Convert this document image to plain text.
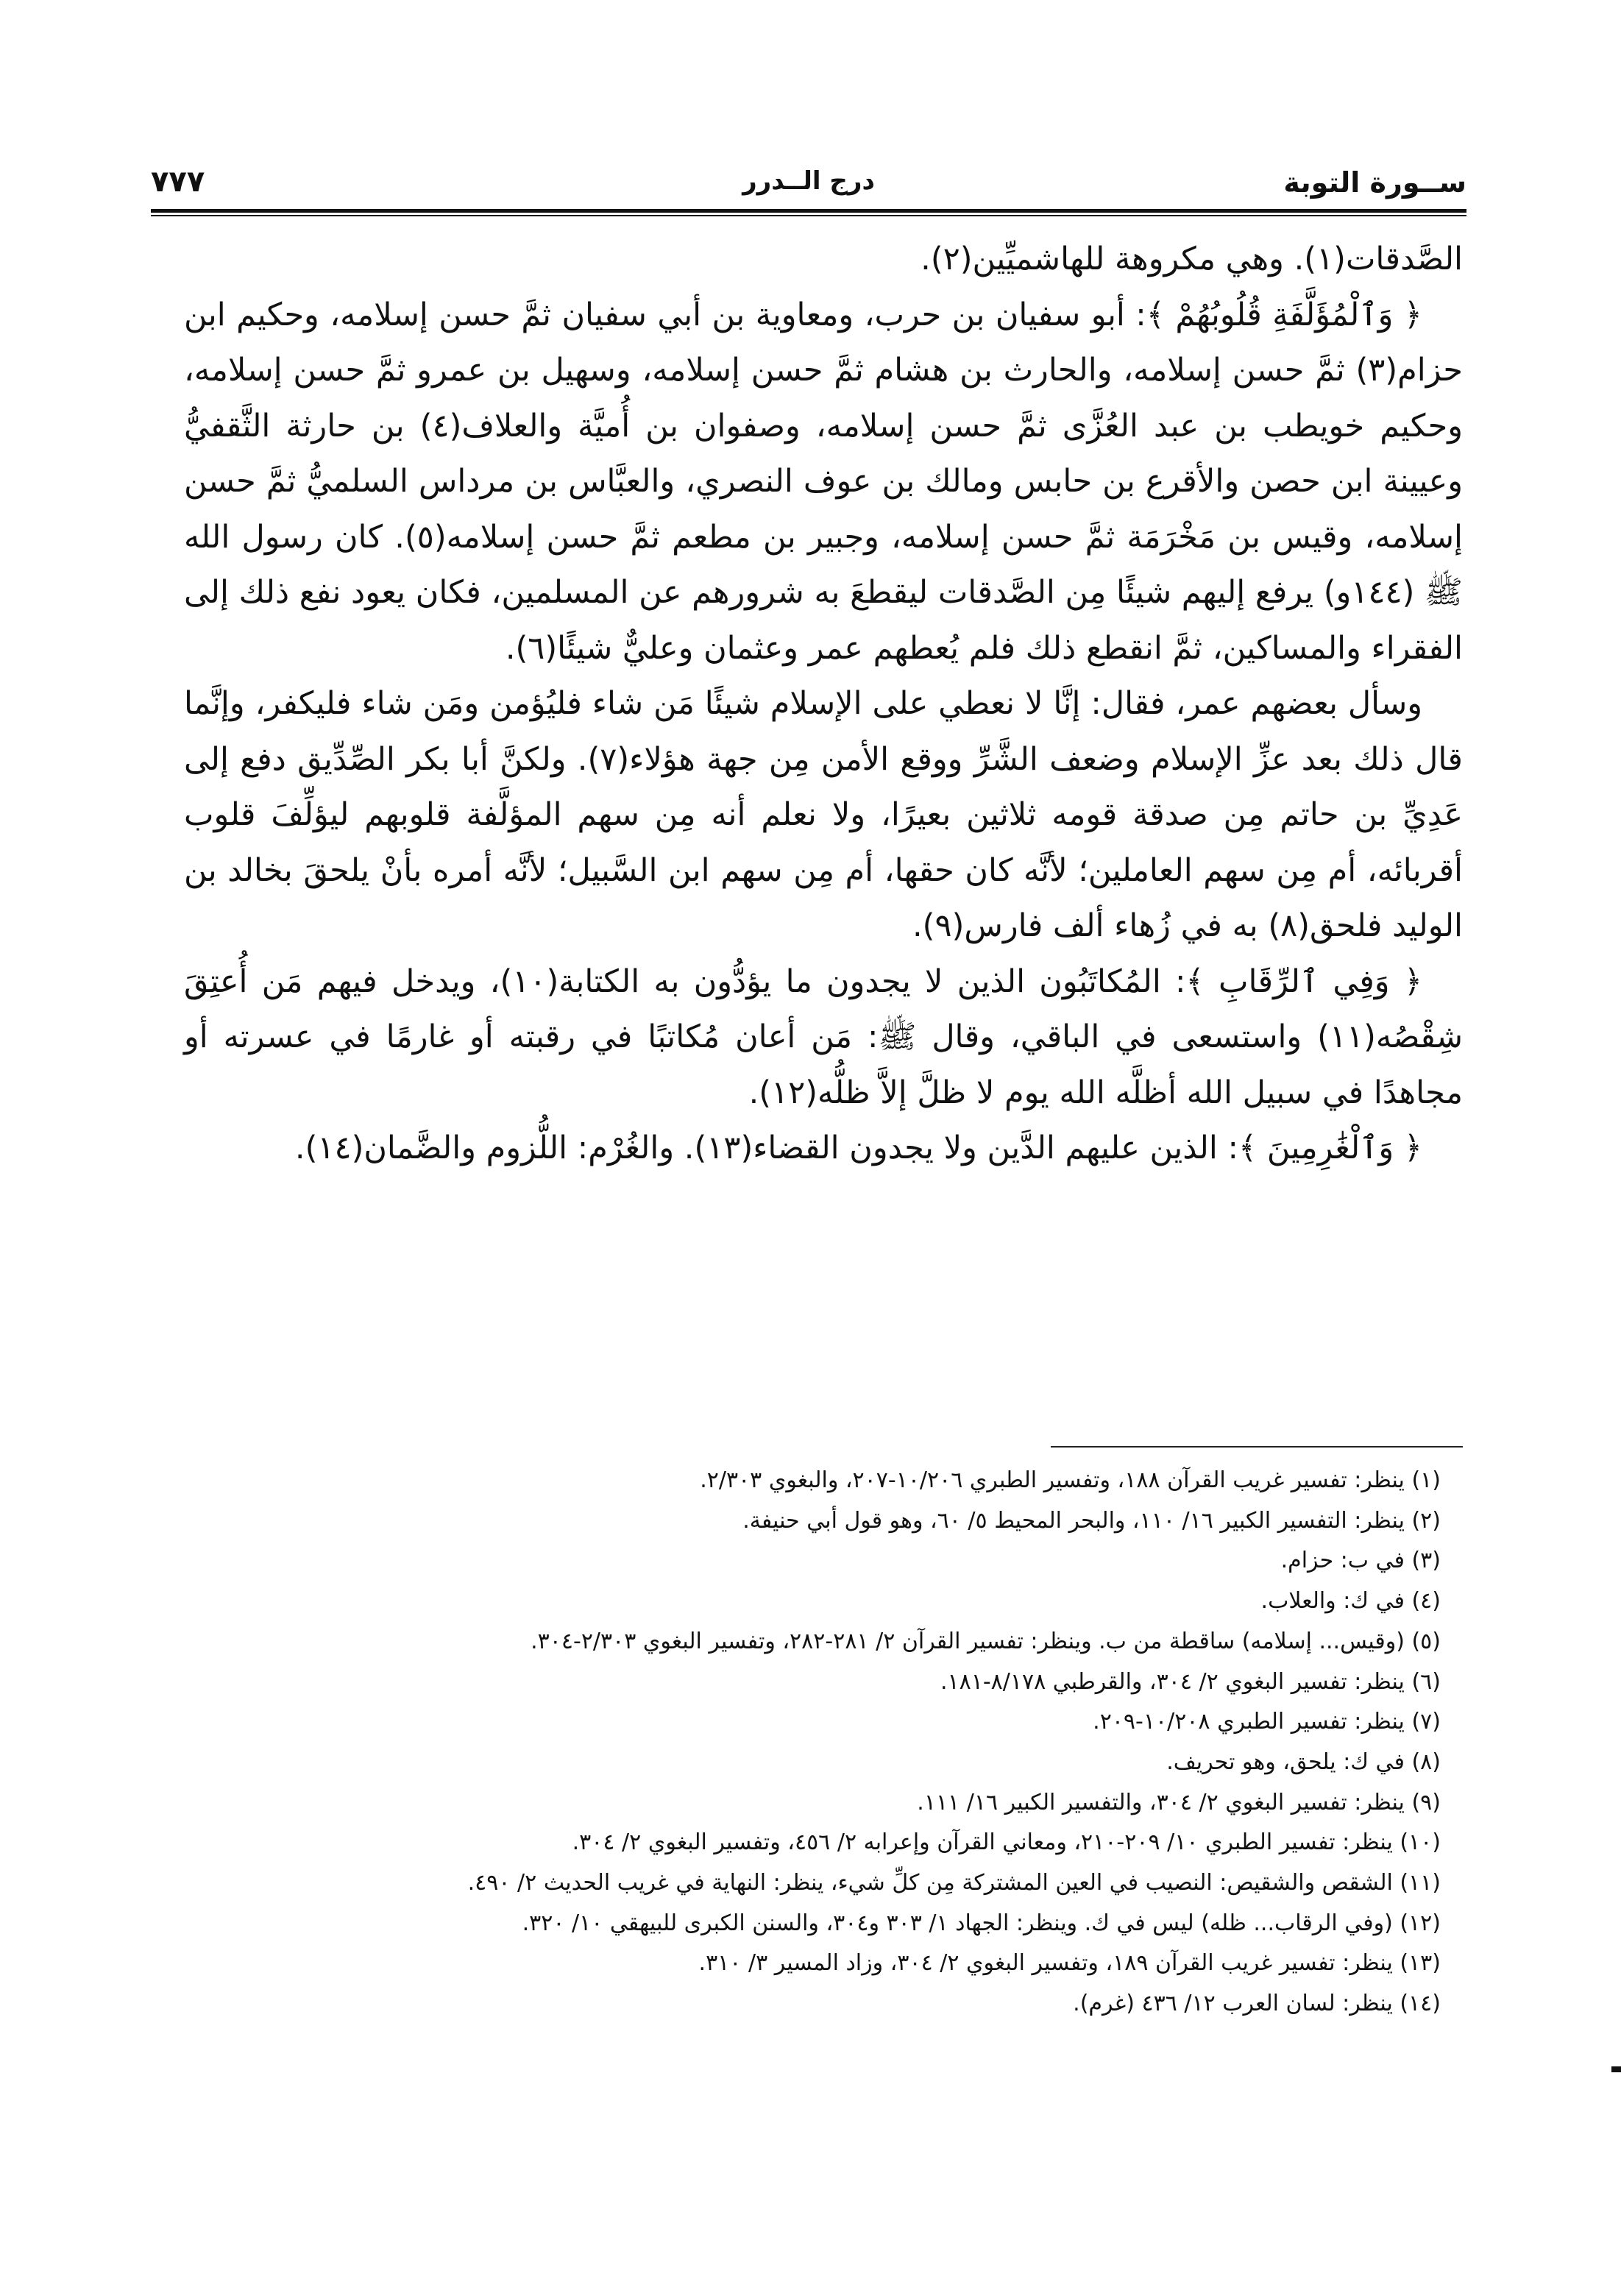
ســورة التوبة
درج الــدرر
٧٧٧

الصَّدقات(١). وهي مكروهة للهاشميِّين(٢).

﴿ وَٱلْمُؤَلَّفَةِ قُلُوبُهُمْ ﴾: أبو سفيان بن حرب، ومعاوية بن أبي سفيان ثمَّ حسن إسلامه، وحكيم ابن حزام(٣) ثمَّ حسن إسلامه، والحارث بن هشام ثمَّ حسن إسلامه، وسهيل بن عمرو ثمَّ حسن إسلامه، وحكيم خويطب بن عبد العُزَّى ثمَّ حسن إسلامه، وصفوان بن أُميَّة والعلاف(٤) بن حارثة الثَّقفيُّ وعيينة ابن حصن والأقرع بن حابس ومالك بن عوف النصري، والعبَّاس بن مرداس السلميُّ ثمَّ حسن إسلامه، وقيس بن مَخْرَمَة ثمَّ حسن إسلامه، وجبير بن مطعم ثمَّ حسن إسلامه(٥). كان رسول الله ﷺ (١٤٤و) يرفع إليهم شيئًا مِن الصَّدقات ليقطعَ به شرورهم عن المسلمين، فكان يعود نفع ذلك إلى الفقراء والمساكين، ثمَّ انقطع ذلك فلم يُعطهم عمر وعثمان وعليٌّ شيئًا(٦).

وسأل بعضهم عمر، فقال: إنَّا لا نعطي على الإسلام شيئًا مَن شاء فليُؤمن ومَن شاء فليكفر، وإنَّما قال ذلك بعد عزِّ الإسلام وضعف الشَّرِّ ووقع الأمن مِن جهة هؤلاء(٧). ولكنَّ أبا بكر الصِّدِّيق دفع إلى عَدِيِّ بن حاتم مِن صدقة قومه ثلاثين بعيرًا، ولا نعلم أنه مِن سهم المؤلَّفة قلوبهم ليؤلِّفَ قلوب أقربائه، أم مِن سهم العاملين؛ لأنَّه كان حقها، أم مِن سهم ابن السَّبيل؛ لأنَّه أمره بأنْ يلحقَ بخالد بن الوليد فلحق(٨) به في زُهاء ألف فارس(٩).

﴿ وَفِي ٱلرِّقَابِ ﴾: المُكاتَبُون الذين لا يجدون ما يؤدُّون به الكتابة(١٠)، ويدخل فيهم مَن أُعتِقَ شِقْصُه(١١) واستسعى في الباقي، وقال ﷺ: مَن أعان مُكاتبًا في رقبته أو غارمًا في عسرته أو مجاهدًا في سبيل الله أظلَّه الله يوم لا ظلَّ إلاَّ ظلُّه(١٢).

﴿ وَٱلْغَٰرِمِينَ ﴾: الذين عليهم الدَّين ولا يجدون القضاء(١٣). والغُرْم: اللُّزوم والضَّمان(١٤).

(١) ينظر: تفسير غريب القرآن ١٨٨، وتفسير الطبري ١٠/٢٠٦-٢٠٧، والبغوي ٢/٣٠٣.
(٢) ينظر: التفسير الكبير ١٦/ ١١٠، والبحر المحيط ٥/ ٦٠، وهو قول أبي حنيفة.
(٣) في ب: حزام.
(٤) في ك: والعلاب.
(٥) (وقيس... إسلامه) ساقطة من ب. وينظر: تفسير القرآن ٢/ ٢٨١-٢٨٢، وتفسير البغوي ٢/٣٠٣-٣٠٤.
(٦) ينظر: تفسير البغوي ٢/ ٣٠٤، والقرطبي ٨/١٧٨-١٨١.
(٧) ينظر: تفسير الطبري ١٠/٢٠٨-٢٠٩.
(٨) في ك: يلحق، وهو تحريف.
(٩) ينظر: تفسير البغوي ٢/ ٣٠٤، والتفسير الكبير ١٦/ ١١١.
(١٠) ينظر: تفسير الطبري ١٠/ ٢٠٩-٢١٠، ومعاني القرآن وإعرابه ٢/ ٤٥٦، وتفسير البغوي ٢/ ٣٠٤.
(١١) الشقص والشقيص: النصيب في العين المشتركة مِن كلِّ شيء، ينظر: النهاية في غريب الحديث ٢/ ٤٩٠.
(١٢) (وفي الرقاب... ظله) ليس في ك. وينظر: الجهاد ١/ ٣٠٣ و٣٠٤، والسنن الكبرى للبيهقي ١٠/ ٣٢٠.
(١٣) ينظر: تفسير غريب القرآن ١٨٩، وتفسير البغوي ٢/ ٣٠٤، وزاد المسير ٣/ ٣١٠.
(١٤) ينظر: لسان العرب ١٢/ ٤٣٦ (غرم).
